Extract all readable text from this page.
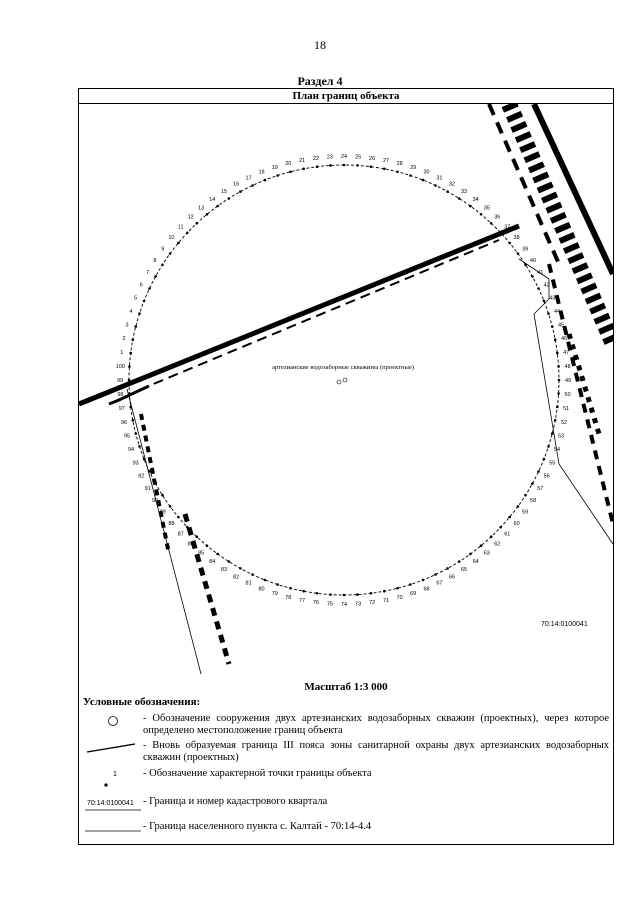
18
Раздел 4
План границ объекта
1
2
3
4
5
6
7
8
9
10
11
12
13
14
15
16
17
18
19
20 21 22 23 24 25 26 27 28
29
30
31
32
33
34
35
36
37
38
39
40
41
42
43
44
45
46
47
48
49
50
51
52
53
54
55
56
57
58
59
60
61
62
63
64
65
66
67
68
69
70
71
72
73
74
75
76
77
78
79
80
81
82
83
84
85
86
87
88
89
90
91
92
93
94
95
96
97
98
99
100	артезианские водозаборные скважины (проектные)
70:14:0100041
Масштаб 1:3 000
Условные обозначения:
- Обозначение сооружения двух артезианских водозаборных скважин (проектных), через которое определено местоположение границ объекта
- Вновь образуемая граница III пояса зоны санитарной охраны двух артезианских водозаборных скважин (проектных)
1 - Обозначение характерной точки границы объекта
70:14:0100041 - Граница и номер кадастрового квартала
- Граница населенного пункта с. Калтай - 70:14-4.4
